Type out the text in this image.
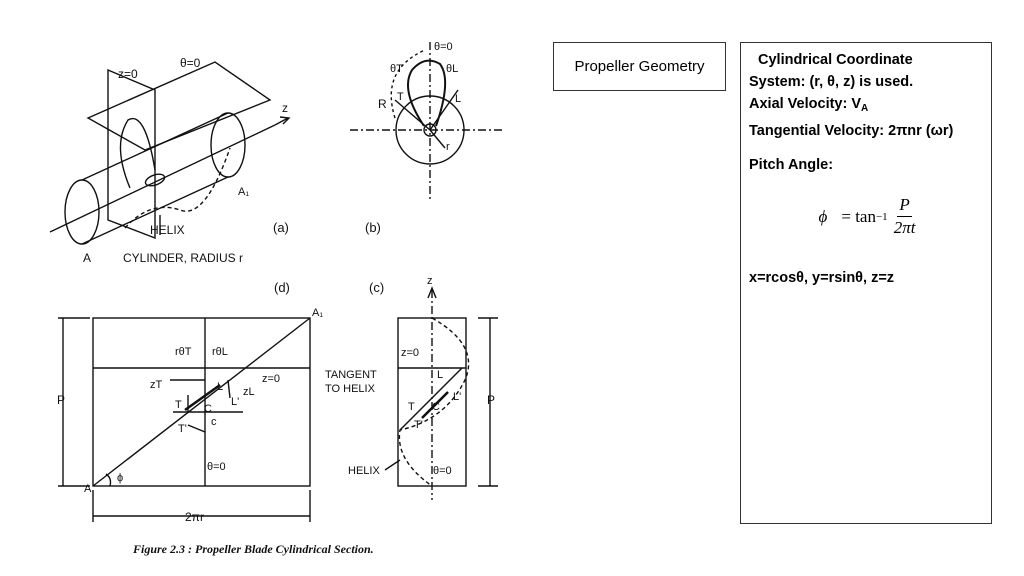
z=0
θ=0
z
A₁
HELIX
A	CYLINDER, RADIUS r
(a)
θ=0
θT	θL
R T	L
r
(b)
(d)
A₁
rθT rθL
z=0
zT
zL
T
L
C
L'
T'
c
θ=0
P
ϕ
A
2πr
(c)	z
z=0
TANGENT
TO HELIX
L
L'
T C
T'
P
HELIX	θ=0
Figure 2.3 : Propeller Blade Cylindrical Section.
Propeller Geometry	Cylindrical Coordinate
System: (r, θ, z) is used.
Axial Velocity: $V_A$
Tangential Velocity: 2πnr (ωr)
Pitch Angle:
$\phi = \tan -1 \frac{P}{2\pi t}$
x=rcosθ, y=rsinθ, z=z
